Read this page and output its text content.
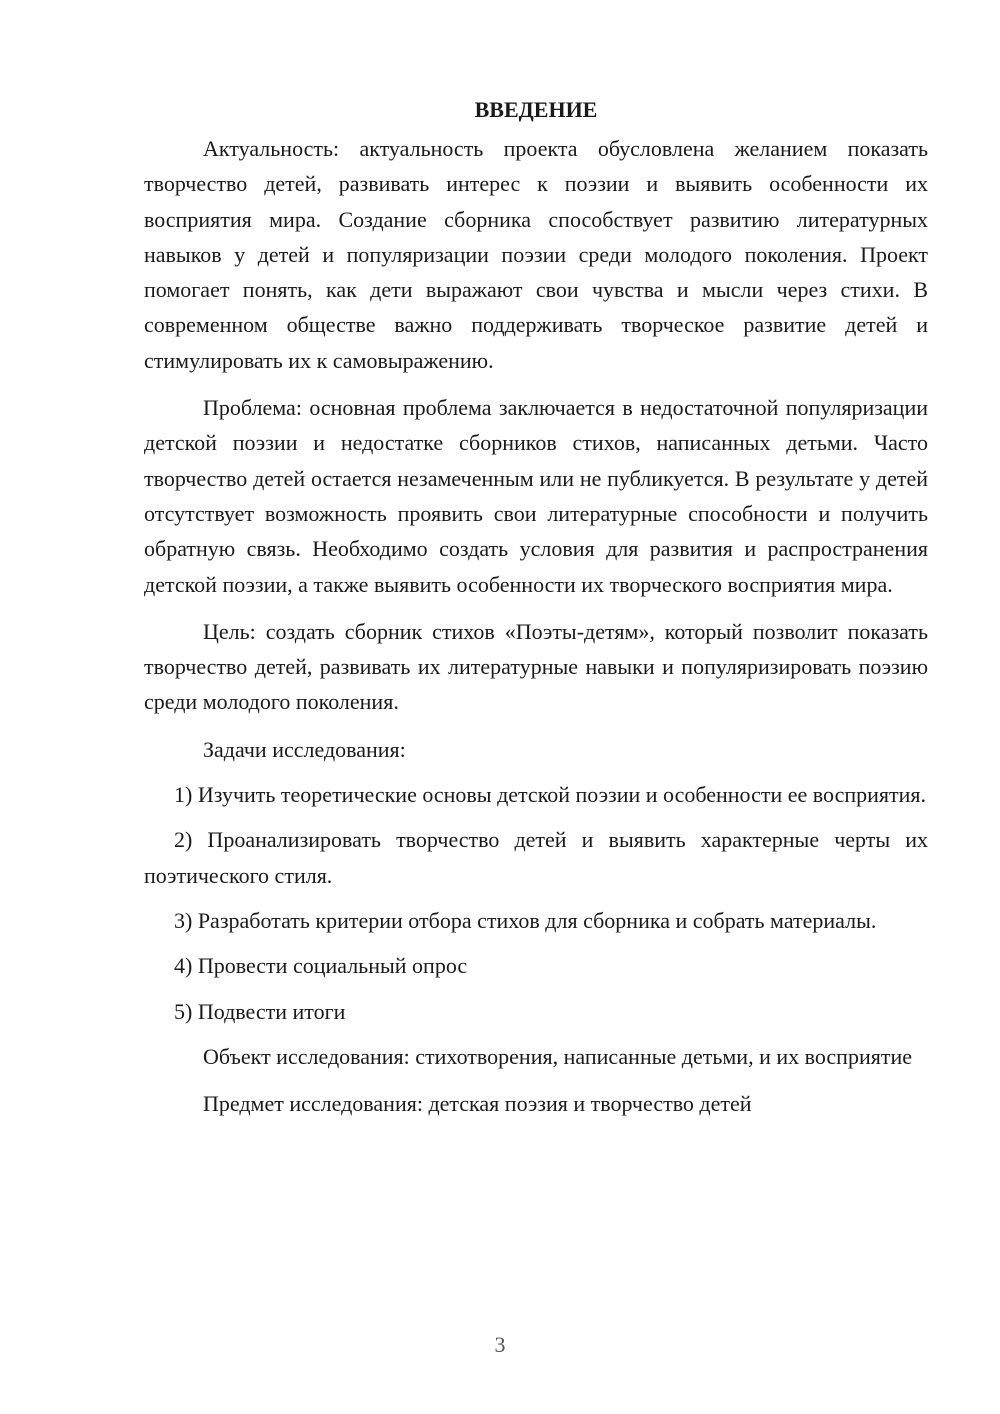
ВВЕДЕНИЕ

Актуальность: актуальность проекта обусловлена желанием показать творчество детей, развивать интерес к поэзии и выявить особенности их восприятия мира. Создание сборника способствует развитию литературных навыков у детей и популяризации поэзии среди молодого поколения. Проект помогает понять, как дети выражают свои чувства и мысли через стихи. В современном обществе важно поддерживать творческое развитие детей и стимулировать их к самовыражению.

Проблема: основная проблема заключается в недостаточной популяризации детской поэзии и недостатке сборников стихов, написанных детьми. Часто творчество детей остается незамеченным или не публикуется. В результате у детей отсутствует возможность проявить свои литературные способности и получить обратную связь. Необходимо создать условия для развития и распространения детской поэзии, а также выявить особенности их творческого восприятия мира.

Цель: создать сборник стихов «Поэты-детям», который позволит показать творчество детей, развивать их литературные навыки и популяризировать поэзию среди молодого поколения.

Задачи исследования:

1) Изучить теоретические основы детской поэзии и особенности ее восприятия.

2) Проанализировать творчество детей и выявить характерные черты их поэтического стиля.

3) Разработать критерии отбора стихов для сборника и собрать материалы.

4) Провести социальный опрос

5) Подвести итоги

Объект исследования: стихотворения, написанные детьми, и их восприятие

Предмет исследования: детская поэзия и творчество детей

3
